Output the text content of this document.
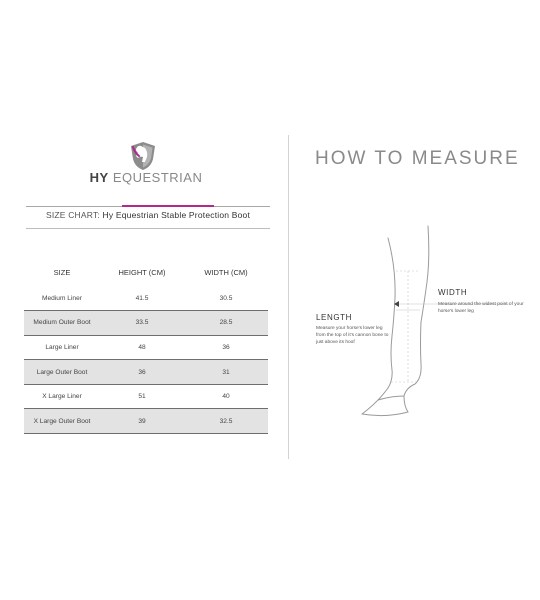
HY EQUESTRIAN
SIZE CHART: Hy Equestrian Stable Protection Boot
SIZE	HEIGHT (CM)	WIDTH (CM)
Medium Liner	41.5	30.5
Medium Outer Boot	33.5	28.5
Large Liner	48	36
Large Outer Boot	36	31
X Large Liner	51	40
X Large Outer Boot	39	32.5
HOW TO MEASURE
WIDTH
Measure around the widest point of your horse's lower leg
LENGTH
Measure your horse's lower leg from the top of it's cannon bone to just above its hoof
